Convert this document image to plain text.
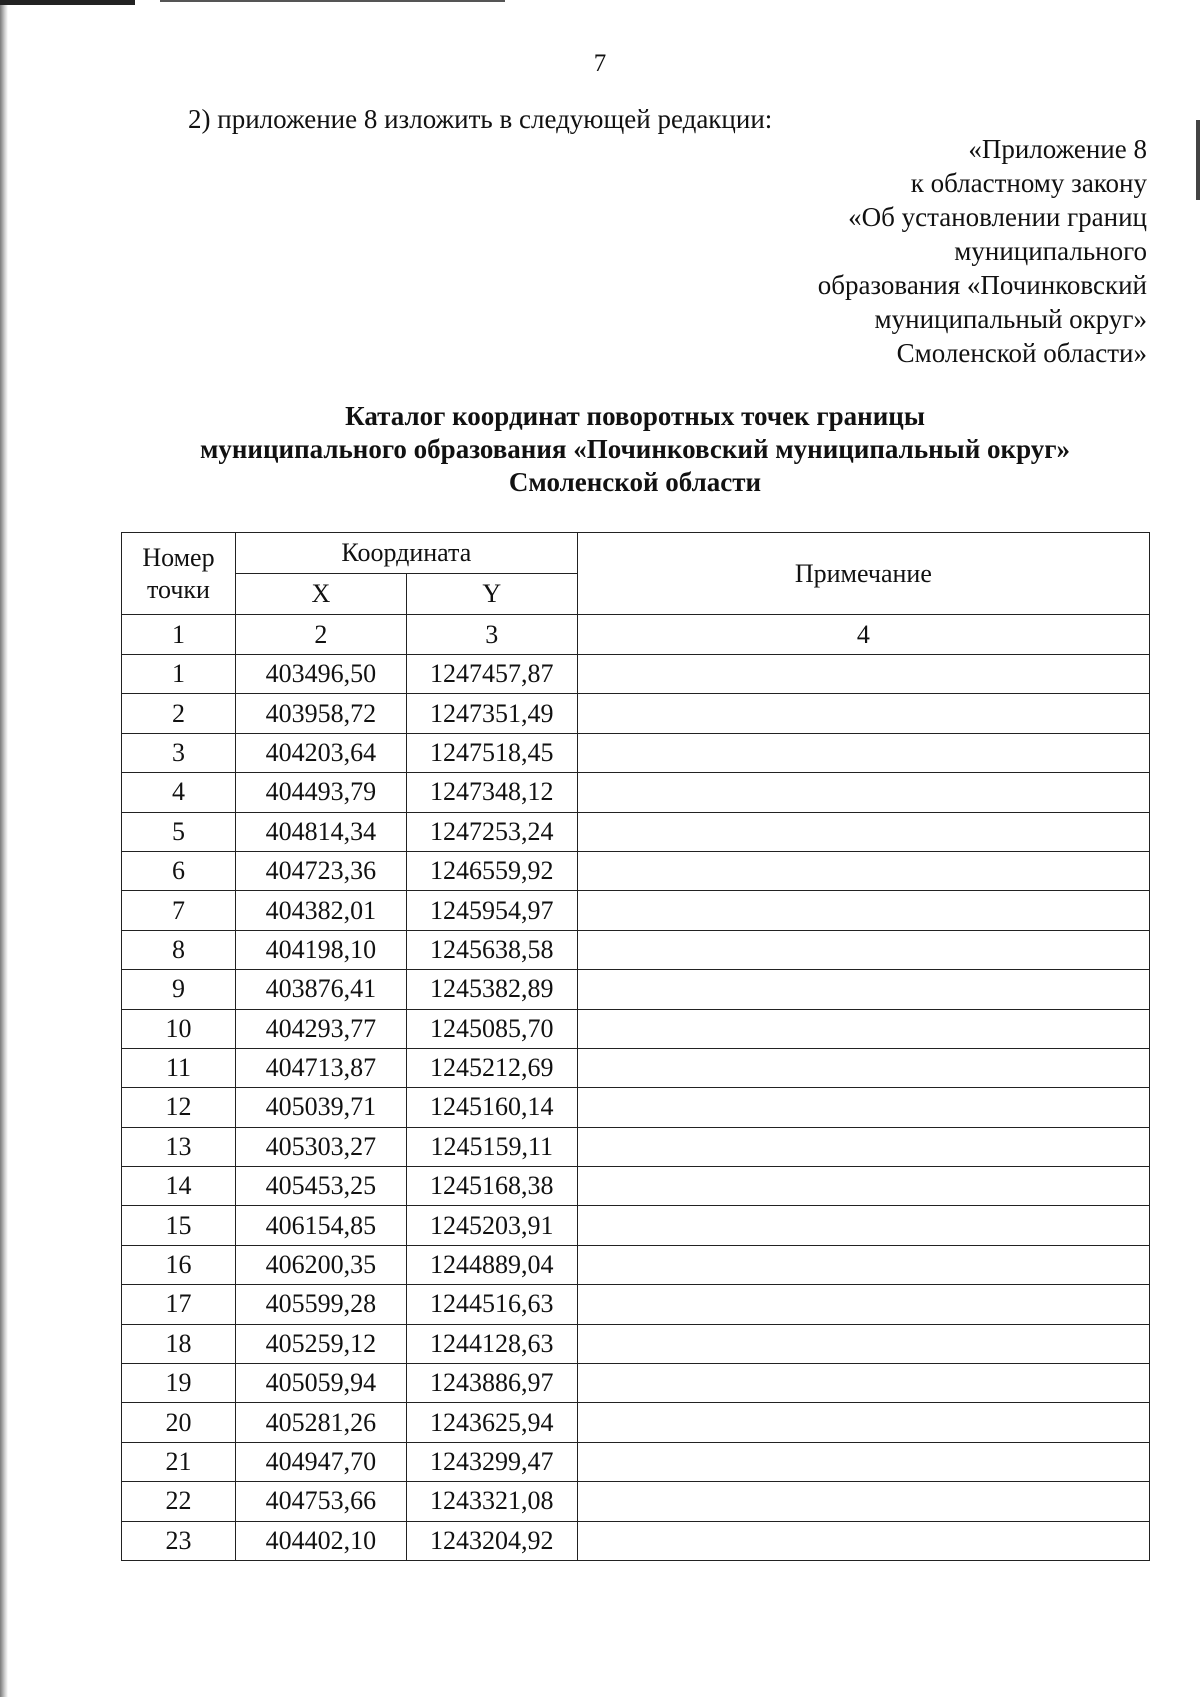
7
2) приложение 8 изложить в следующей редакции:
«Приложение 8
к областному закону
«Об установлении границ
муниципального
образования «Починковский
муниципальный округ»
Смоленской области»
Каталог координат поворотных точек границы
муниципального образования «Починковский муниципальный округ»
Смоленской области
Номер
точки	Координата		Примечание
	X	Y	
1	2	3	4
1	403496,50	1247457,87	
2	403958,72	1247351,49	
3	404203,64	1247518,45	
4	404493,79	1247348,12	
5	404814,34	1247253,24	
6	404723,36	1246559,92	
7	404382,01	1245954,97	
8	404198,10	1245638,58	
9	403876,41	1245382,89	
10	404293,77	1245085,70	
11	404713,87	1245212,69	
12	405039,71	1245160,14	
13	405303,27	1245159,11	
14	405453,25	1245168,38	
15	406154,85	1245203,91	
16	406200,35	1244889,04	
17	405599,28	1244516,63	
18	405259,12	1244128,63	
19	405059,94	1243886,97	
20	405281,26	1243625,94	
21	404947,70	1243299,47	
22	404753,66	1243321,08	
23	404402,10	1243204,92	
